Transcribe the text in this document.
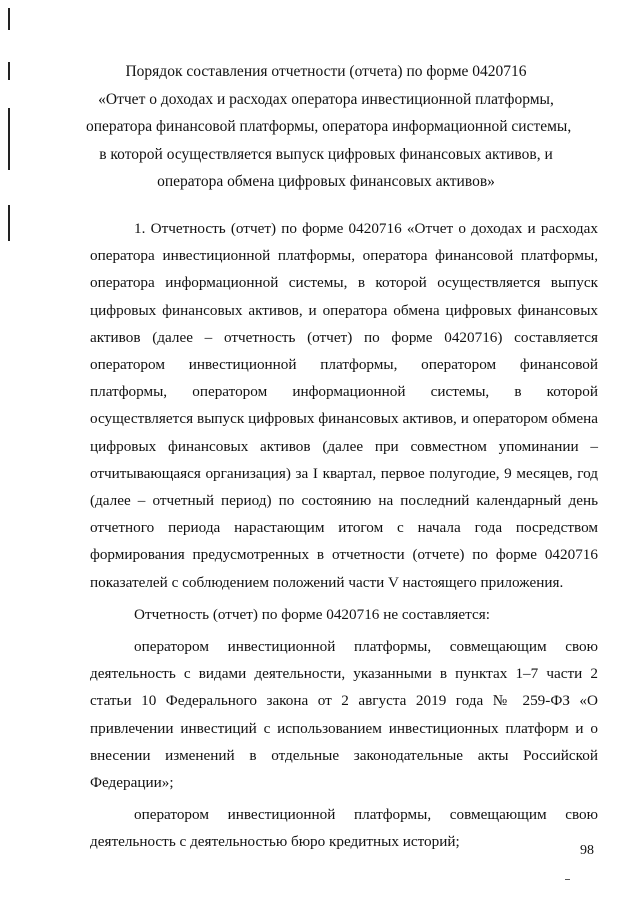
Порядок составления отчетности (отчета) по форме 0420716
«Отчет о доходах и расходах оператора инвестиционной платформы,
оператора финансовой платформы, оператора информационной системы,
в которой осуществляется выпуск цифровых финансовых активов, и
оператора обмена цифровых финансовых активов»

1. Отчетность (отчет) по форме 0420716 «Отчет о доходах и расходах оператора инвестиционной платформы, оператора финансовой платформы, оператора информационной системы, в которой осуществляется выпуск цифровых финансовых активов, и оператора обмена цифровых финансовых активов (далее – отчетность (отчет) по форме 0420716) составляется оператором инвестиционной платформы, оператором финансовой платформы, оператором информационной системы, в которой осуществляется выпуск цифровых финансовых активов, и оператором обмена цифровых финансовых активов (далее при совместном упоминании – отчитывающаяся организация) за I квартал, первое полугодие, 9 месяцев, год (далее – отчетный период) по состоянию на последний календарный день отчетного периода нарастающим итогом с начала года посредством формирования предусмотренных в отчетности (отчете) по форме 0420716 показателей с соблюдением положений части V настоящего приложения.

Отчетность (отчет) по форме 0420716 не составляется:

оператором инвестиционной платформы, совмещающим свою деятельность с видами деятельности, указанными в пунктах 1–7 части 2 статьи 10 Федерального закона от 2 августа 2019 года № 259-ФЗ «О привлечении инвестиций с использованием инвестиционных платформ и о внесении изменений в отдельные законодательные акты Российской Федерации»;

оператором инвестиционной платформы, совмещающим свою деятельность с деятельностью бюро кредитных историй;

98
